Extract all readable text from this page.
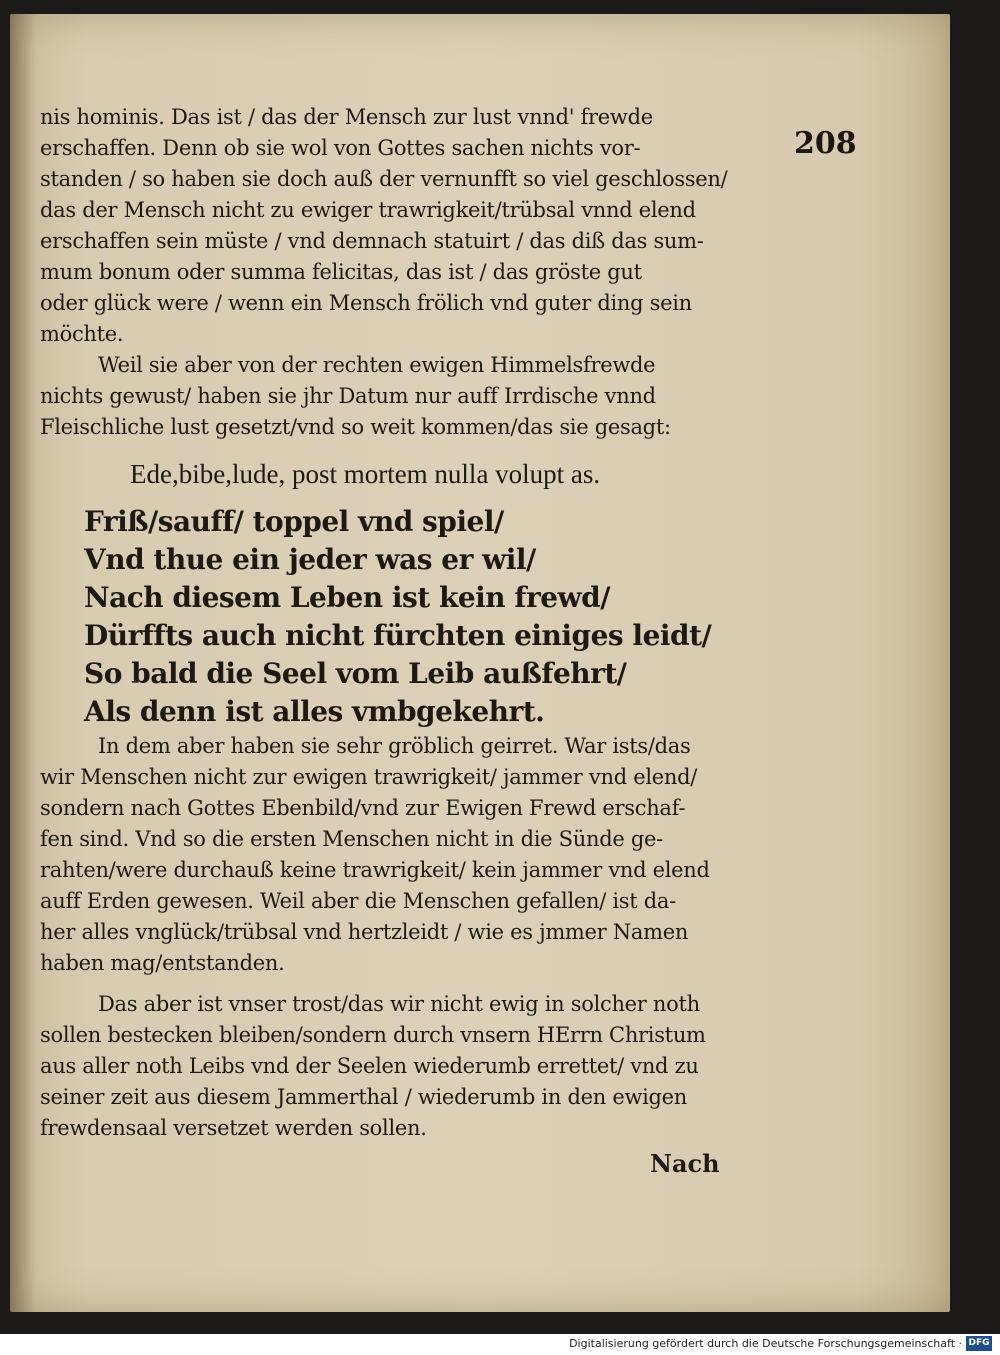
208
nis hominis. Das ist / das der Mensch zur lust vnnd' frewde
erschaffen. Denn ob sie wol von Gottes sachen nichts vor-
standen / so haben sie doch auß der vernunfft so viel geschlossen/
das der Mensch nicht zu ewiger trawrigkeit/trübsal vnnd elend
erschaffen sein müste / vnd demnach statuirt / das diß das sum-
mum bonum oder summa felicitas, das ist / das gröste gut
oder glück were / wenn ein Mensch frölich vnd guter ding sein
möchte.
Weil sie aber von der rechten ewigen Himmelsfrewde
nichts gewust/ haben sie jhr Datum nur auff Irrdische vnnd
Fleischliche lust gesetzt/vnd so weit kommen/das sie gesagt:
Ede,bibe,lude, post mortem nulla volupt as.
Friß/sauff/ toppel vnd spiel/
Vnd thue ein jeder was er wil/
Nach diesem Leben ist kein frewd/
Dürffts auch nicht fürchten einiges leidt/
So bald die Seel vom Leib außfehrt/
Als denn ist alles vmbgekehrt.
In dem aber haben sie sehr gröblich geirret. War ists/das
wir Menschen nicht zur ewigen trawrigkeit/ jammer vnd elend/
sondern nach Gottes Ebenbild/vnd zur Ewigen Frewd erschaf-
fen sind. Vnd so die ersten Menschen nicht in die Sünde ge-
rahten/were durchauß keine trawrigkeit/ kein jammer vnd elend
auff Erden gewesen. Weil aber die Menschen gefallen/ ist da-
her alles vnglück/trübsal vnd hertzleidt / wie es jmmer Namen
haben mag/entstanden.
Das aber ist vnser trost/das wir nicht ewig in solcher noth
sollen bestecken bleiben/sondern durch vnsern HErrn Christum
aus aller noth Leibs vnd der Seelen wiederumb errettet/ vnd zu
seiner zeit aus diesem Jammerthal / wiederumb in den ewigen
frewdensaal versetzet werden sollen.
Nach
Digitalisierung gefördert durch die Deutsche Forschungsgemeinschaft · DFG
